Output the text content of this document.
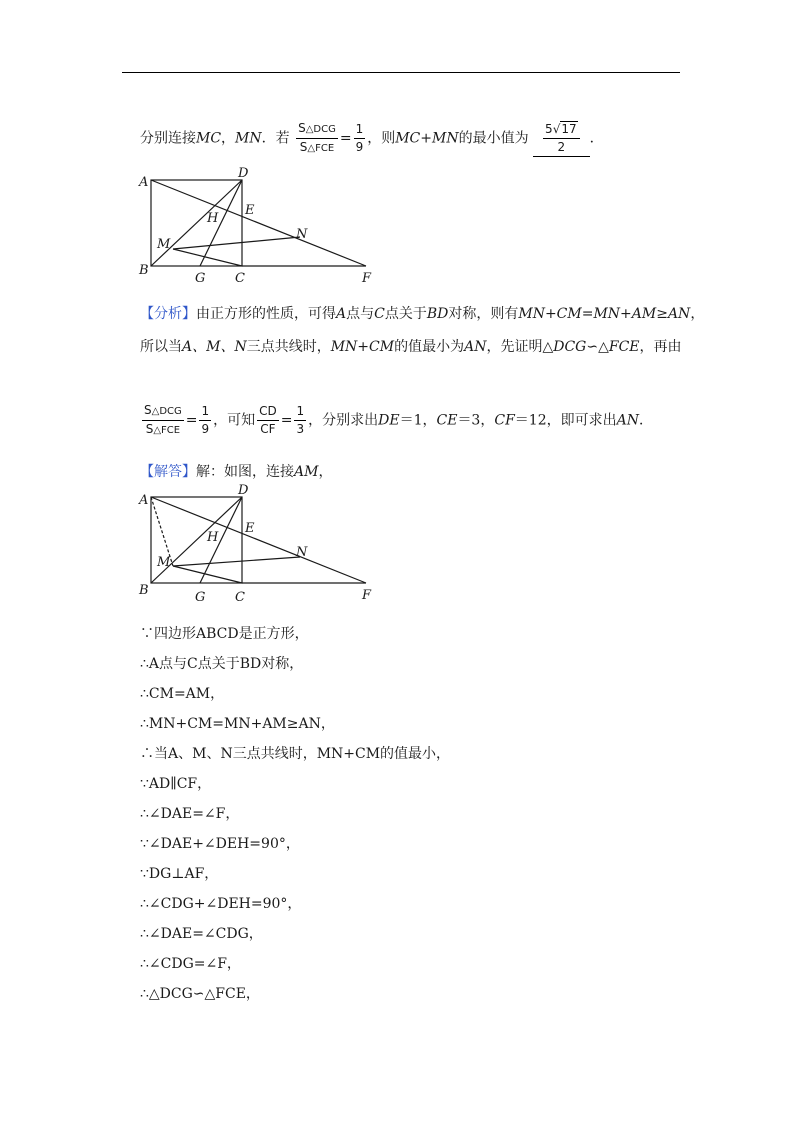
分别连接MC，MN．若 $\frac{\text{S△DCG}}{\text{S△FCE}} = \frac{1}{9}$ ，则MC+MN的最小值为 $\frac{5√17}{2}$ ．
A
D
E
H
M
N
B
G C	F
A
D
E
H
M
N
B	G C	F
【分析】由正方形的性质，可得A点与C点关于BD对称，则有MN+CM=MN+AM≥AN，
所以当A、M、N三点共线时，MN+CM的值最小为AN，先证明△DCG∽△FCE，再由
$\frac{\text{S△DCG}}{\text{S△FCE}} = \frac{1}{9}$ ，可知 $\frac{CD}{CF} = \frac{1}{3}$ ，分别求出DE＝1，CE＝3，CF＝12，即可求出AN．
【解答】解：如图，连接AM，
∵四边形ABCD是正方形，
∴A点与C点关于BD对称，
∴CM=AM，
∴MN+CM=MN+AM≥AN，
∴当A、M、N三点共线时，MN+CM的值最小，
∵AD∥CF，
∴∠DAE=∠F，
∵∠DAE+∠DEH=90°，
∵DG⊥AF，
∴∠CDG+∠DEH=90°，
∴∠DAE=∠CDG，
∴∠CDG=∠F，
∴△DCG∽△FCE，
